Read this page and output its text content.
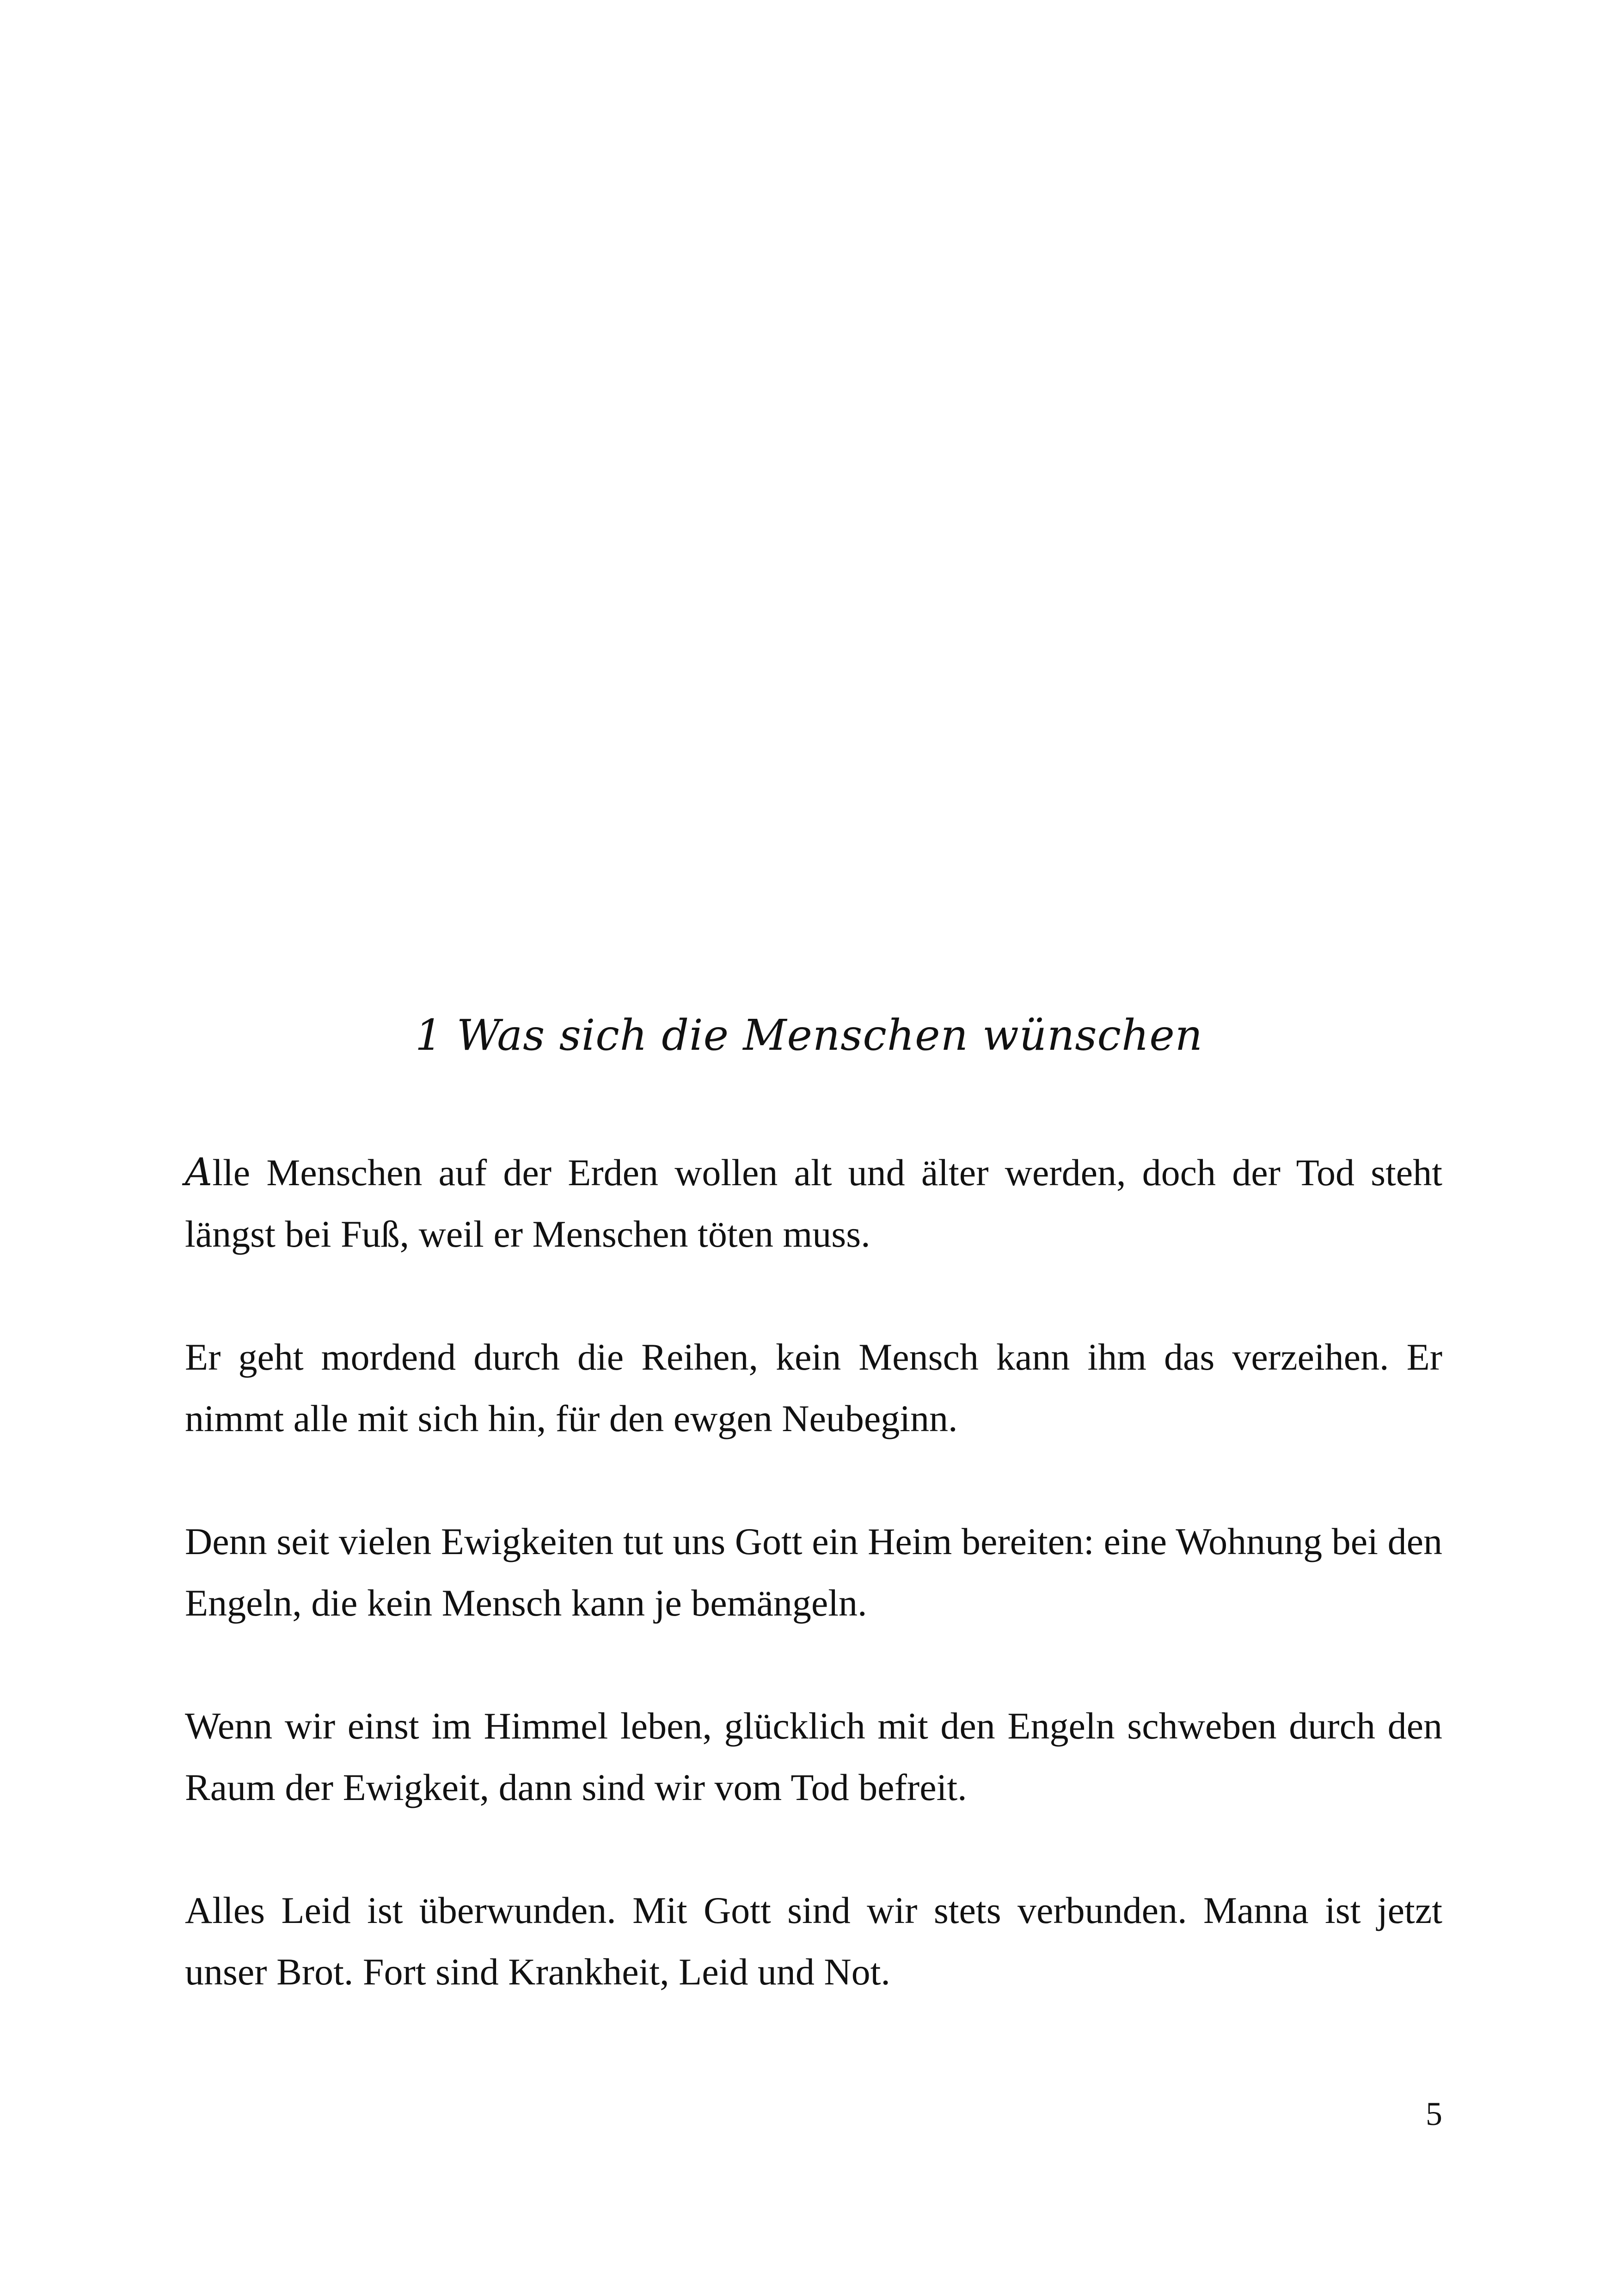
1 Was sich die Menschen wünschen

Alle Menschen auf der Erden wollen alt und älter werden, doch der Tod steht längst bei Fuß, weil er Menschen töten muss.

Er geht mordend durch die Reihen, kein Mensch kann ihm das verzeihen. Er nimmt alle mit sich hin, für den ewgen Neubeginn.

Denn seit vielen Ewigkeiten tut uns Gott ein Heim bereiten: eine Wohnung bei den Engeln, die kein Mensch kann je bemängeln.

Wenn wir einst im Himmel leben, glücklich mit den Engeln schweben durch den Raum der Ewigkeit, dann sind wir vom Tod befreit.

Alles Leid ist überwunden. Mit Gott sind wir stets verbunden. Manna ist jetzt unser Brot. Fort sind Krankheit, Leid und Not.

5
